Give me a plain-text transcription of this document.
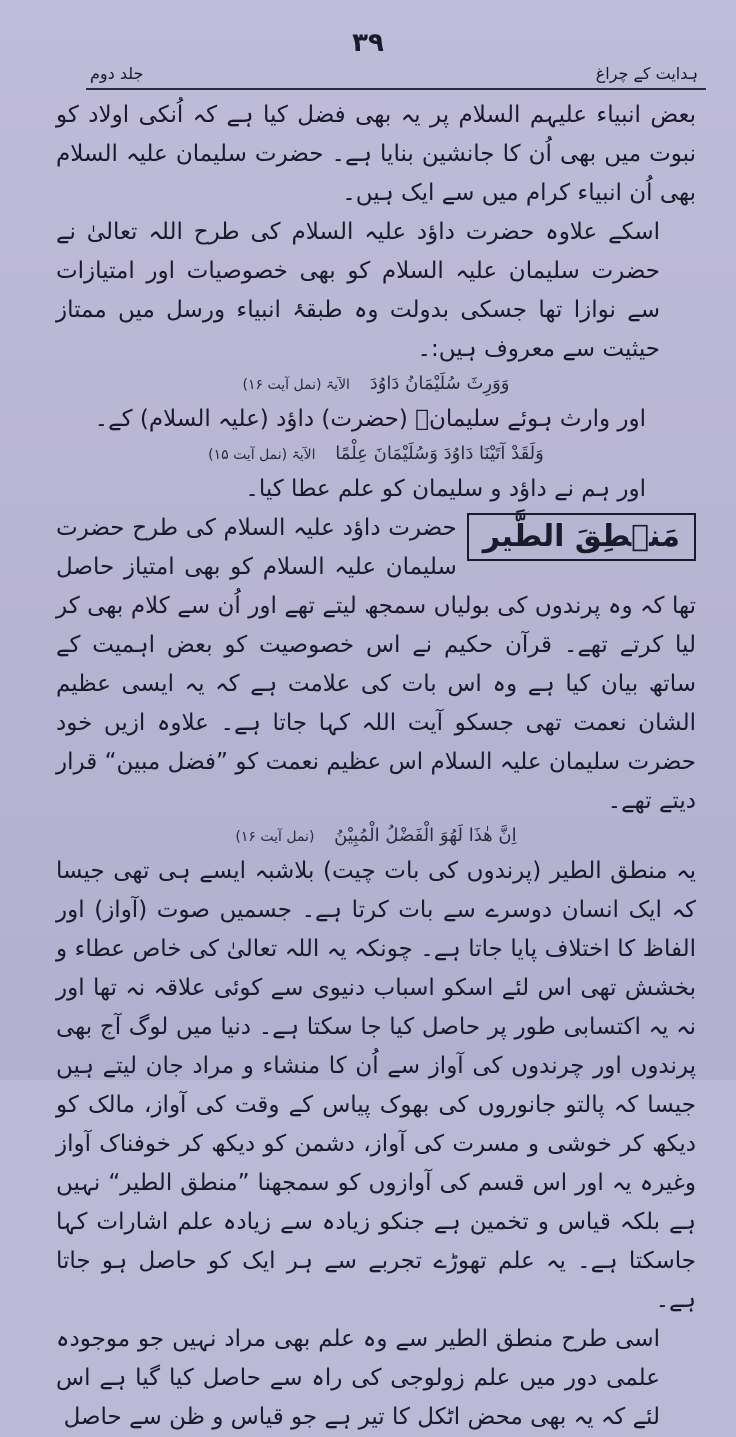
۳۹
ہدایت کے چراغ
جلد دوم

بعض انبیاء علیہم السلام پر یہ بھی فضل کیا ہے کہ اُنکی اولاد کو نبوت میں بھی اُن کا جانشین بنایا ہے۔ حضرت سلیمان علیہ السلام بھی اُن انبیاء کرام میں سے ایک ہیں۔

اسکے علاوہ حضرت داؤد علیہ السلام کی طرح اللہ تعالیٰ نے حضرت سلیمان علیہ السلام کو بھی خصوصیات اور امتیازات سے نوازا تھا جسکی بدولت وہ طبقۂ انبیاء ورسل میں ممتاز حیثیت سے معروف ہیں:۔

وَوَرِثَ سُلَيْمَانُ دَاوُدَ الآیۃ (نمل آیت ۱۶)

اور وارث ہوئے سلیمانؑ (حضرت) داؤد (علیہ السلام) کے۔

وَلَقَدْ آتَيْنَا دَاوُدَ وَسُلَيْمَانَ عِلْمًا الآیۃ (نمل آیت ۱۵)

اور ہم نے داؤد و سلیمان کو علم عطا کیا۔

مَنۡطِقَ الطَّیر

حضرت داؤد علیہ السلام کی طرح حضرت سلیمان علیہ السلام کو بھی امتیاز حاصل تھا کہ وہ پرندوں کی بولیاں سمجھ لیتے تھے اور اُن سے کلام بھی کر لیا کرتے تھے۔ قرآن حکیم نے اس خصوصیت کو بعض اہمیت کے ساتھ بیان کیا ہے وہ اس بات کی علامت ہے کہ یہ ایسی عظیم الشان نعمت تھی جسکو آیت اللہ کہا جاتا ہے۔ علاوہ ازیں خود حضرت سلیمان علیہ السلام اس عظیم نعمت کو ”فضل مبین“ قرار دیتے تھے۔

اِنَّ هٰذَا لَهُوَ الْفَضْلُ الْمُبِيْنُ (نمل آیت ۱۶)

یہ منطق الطیر (پرندوں کی بات چیت) بلاشبہ ایسے ہی تھی جیسا کہ ایک انسان دوسرے سے بات کرتا ہے۔ جسمیں صوت (آواز) اور الفاظ کا اختلاف پایا جاتا ہے۔ چونکہ یہ اللہ تعالیٰ کی خاص عطاء و بخشش تھی اس لئے اسکو اسباب دنیوی سے کوئی علاقہ نہ تھا اور نہ یہ اکتسابی طور پر حاصل کیا جا سکتا ہے۔ دنیا میں لوگ آج بھی پرندوں اور چرندوں کی آواز سے اُن کا منشاء و مراد جان لیتے ہیں جیسا کہ پالتو جانوروں کی بھوک پیاس کے وقت کی آواز، مالک کو دیکھ کر خوشی و مسرت کی آواز، دشمن کو دیکھ کر خوفناک آواز وغیرہ یہ اور اس قسم کی آوازوں کو سمجھنا ”منطق الطیر“ نہیں ہے بلکہ قیاس و تخمین ہے جنکو زیادہ سے زیادہ علم اشارات کہا جاسکتا ہے۔ یہ علم تھوڑے تجربے سے ہر ایک کو حاصل ہو جاتا ہے۔

اسی طرح منطق الطیر سے وہ علم بھی مراد نہیں جو موجودہ علمی دور میں علم زولوجی کی راہ سے حاصل کیا گیا ہے اس لئے کہ یہ بھی محض اٹکل کا تیر ہے جو قیاس و ظن سے حاصل
